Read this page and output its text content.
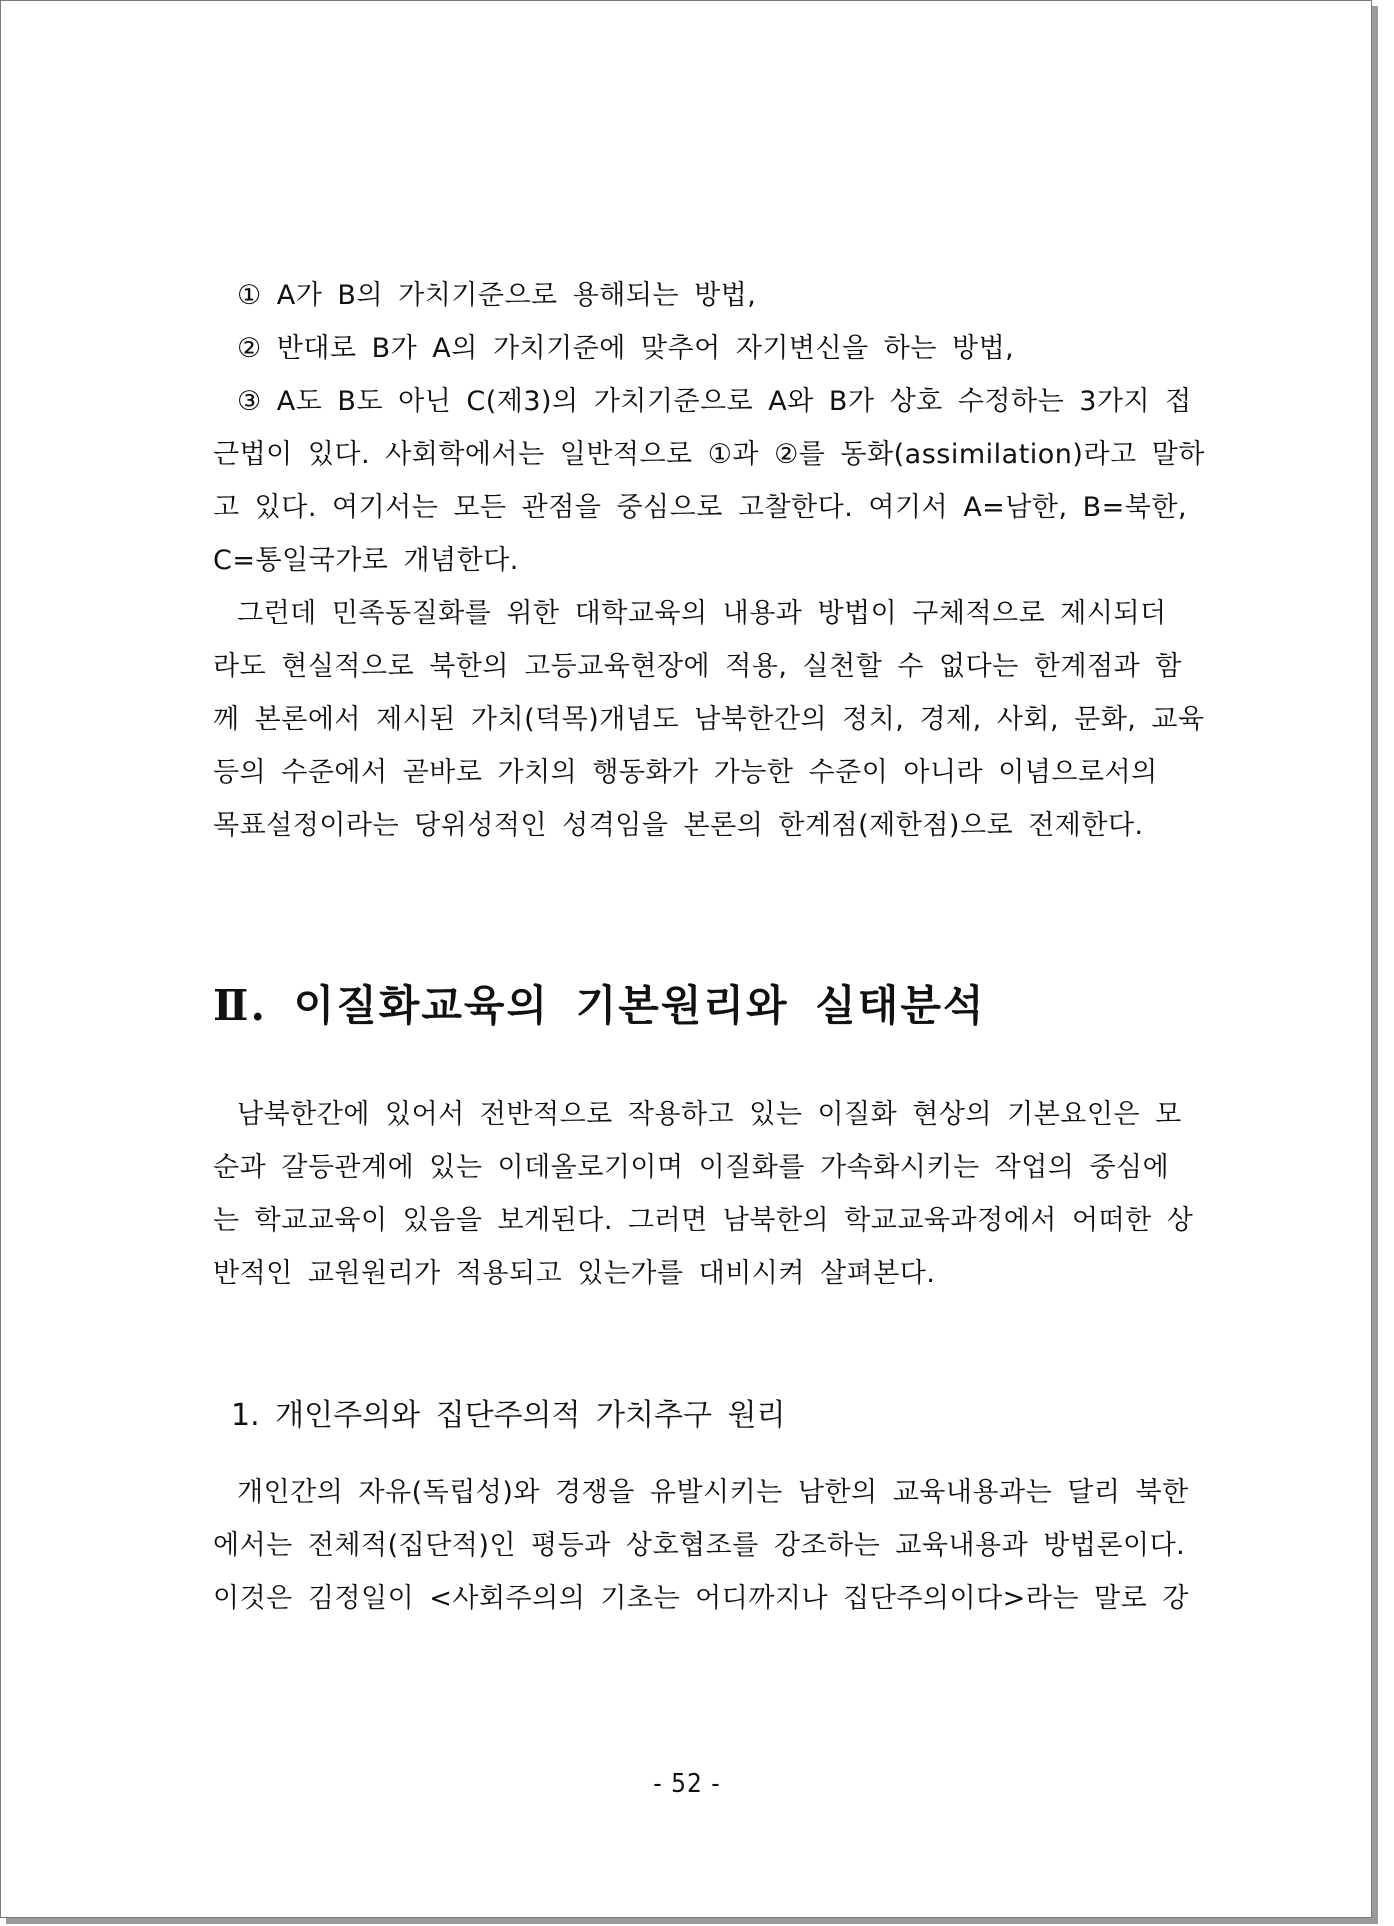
① A가 B의 가치기준으로 용해되는 방법,
② 반대로 B가 A의 가치기준에 맞추어 자기변신을 하는 방법,
③ A도 B도 아닌 C(제3)의 가치기준으로 A와 B가 상호 수정하는 3가지 접
근법이 있다. 사회학에서는 일반적으로 ①과 ②를 동화(assimilation)라고 말하
고 있다. 여기서는 모든 관점을 중심으로 고찰한다. 여기서 A=남한, B=북한,
C=통일국가로 개념한다.
그런데 민족동질화를 위한 대학교육의 내용과 방법이 구체적으로 제시되더
라도 현실적으로 북한의 고등교육현장에 적용, 실천할 수 없다는 한계점과 함
께 본론에서 제시된 가치(덕목)개념도 남북한간의 정치, 경제, 사회, 문화, 교육
등의 수준에서 곧바로 가치의 행동화가 가능한 수준이 아니라 이념으로서의
목표설정이라는 당위성적인 성격임을 본론의 한계점(제한점)으로 전제한다.
Ⅱ. 이질화교육의 기본원리와 실태분석
남북한간에 있어서 전반적으로 작용하고 있는 이질화 현상의 기본요인은 모
순과 갈등관계에 있는 이데올로기이며 이질화를 가속화시키는 작업의 중심에
는 학교교육이 있음을 보게된다. 그러면 남북한의 학교교육과정에서 어떠한 상
반적인 교원원리가 적용되고 있는가를 대비시켜 살펴본다.
1. 개인주의와 집단주의적 가치추구 원리
개인간의 자유(독립성)와 경쟁을 유발시키는 남한의 교육내용과는 달리 북한
에서는 전체적(집단적)인 평등과 상호협조를 강조하는 교육내용과 방법론이다.
이것은 김정일이 <사회주의의 기초는 어디까지나 집단주의이다>라는 말로 강
- 52 -
